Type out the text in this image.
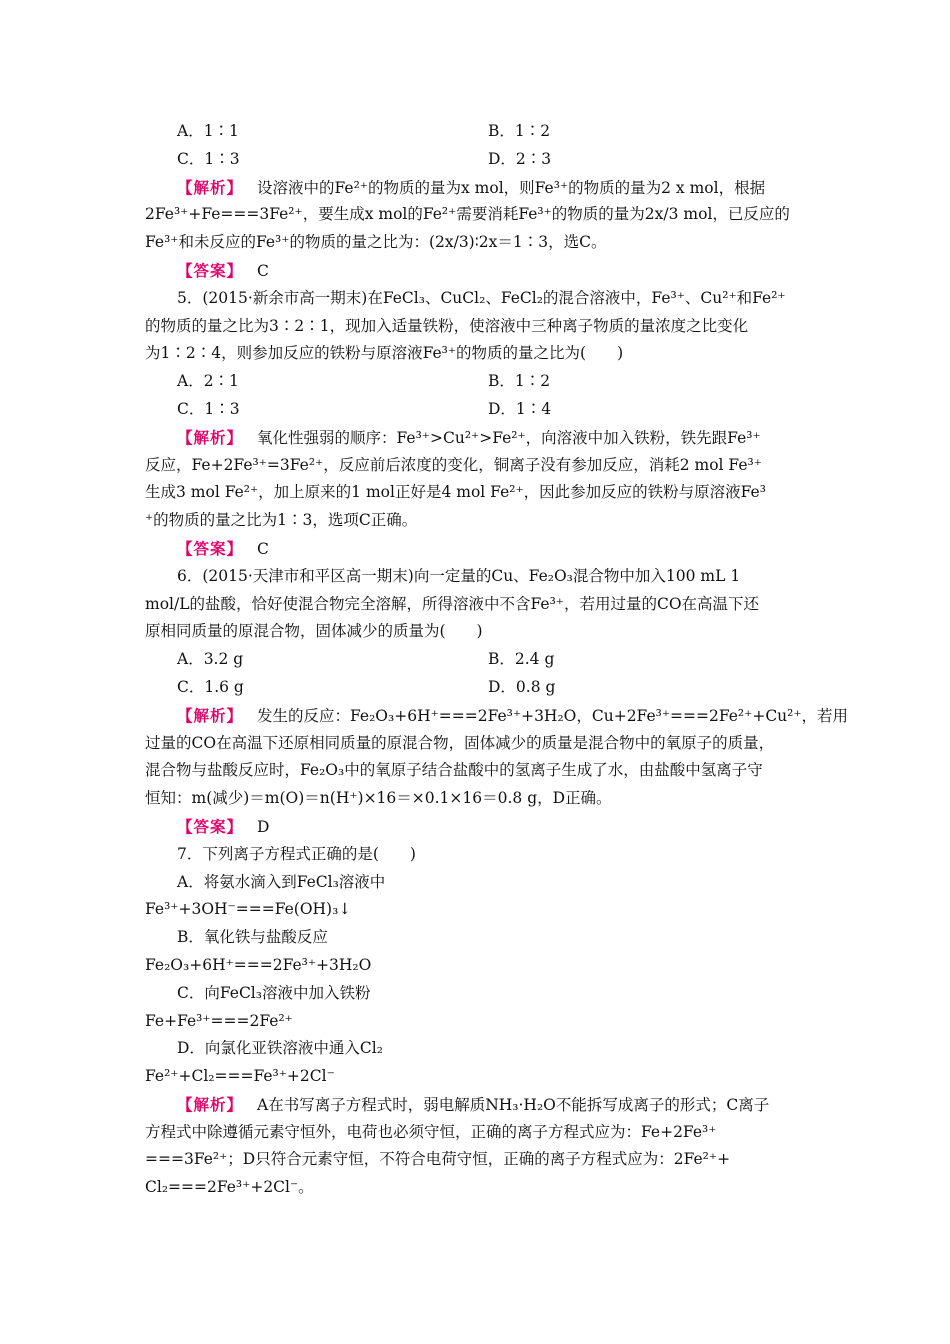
A．1∶1	B．1∶2
C．1∶3	D．2∶3
【解析】 设溶液中的Fe²⁺的物质的量为x mol，则Fe³⁺的物质的量为2 x mol，根据
2Fe³⁺+Fe===3Fe²⁺，要生成x mol的Fe²⁺需要消耗Fe³⁺的物质的量为2x/3 mol，已反应的
Fe³⁺和未反应的Fe³⁺的物质的量之比为：(2x/3)∶2x＝1∶3，选C。
【答案】 C
5．(2015·新余市高一期末)在FeCl₃、CuCl₂、FeCl₂的混合溶液中，Fe³⁺、Cu²⁺和Fe²⁺
的物质的量之比为3∶2∶1，现加入适量铁粉，使溶液中三种离子物质的量浓度之比变化
为1∶2∶4，则参加反应的铁粉与原溶液Fe³⁺的物质的量之比为(　　)
A．2∶1	B．1∶2
C．1∶3	D．1∶4
【解析】 氧化性强弱的顺序：Fe³⁺>Cu²⁺>Fe²⁺，向溶液中加入铁粉，铁先跟Fe³⁺
反应，Fe+2Fe³⁺=3Fe²⁺，反应前后浓度的变化，铜离子没有参加反应，消耗2 mol Fe³⁺
生成3 mol Fe²⁺，加上原来的1 mol正好是4 mol Fe²⁺，因此参加反应的铁粉与原溶液Fe³
⁺的物质的量之比为1∶3，选项C正确。
【答案】 C
6．(2015·天津市和平区高一期末)向一定量的Cu、Fe₂O₃混合物中加入100 mL 1
mol/L的盐酸，恰好使混合物完全溶解，所得溶液中不含Fe³⁺，若用过量的CO在高温下还
原相同质量的原混合物，固体减少的质量为(　　)
A．3.2 g	B．2.4 g
C．1.6 g	D．0.8 g
【解析】 发生的反应：Fe₂O₃+6H⁺===2Fe³⁺+3H₂O，Cu+2Fe³⁺===2Fe²⁺+Cu²⁺，若用
过量的CO在高温下还原相同质量的原混合物，固体减少的质量是混合物中的氧原子的质量，
混合物与盐酸反应时，Fe₂O₃中的氧原子结合盐酸中的氢离子生成了水，由盐酸中氢离子守
恒知：m(减少)＝m(O)＝n(H⁺)×16＝×0.1×16＝0.8 g，D正确。
【答案】 D
7．下列离子方程式正确的是(　　)
A．将氨水滴入到FeCl₃溶液中
Fe³⁺+3OH⁻===Fe(OH)₃↓
B．氧化铁与盐酸反应
Fe₂O₃+6H⁺===2Fe³⁺+3H₂O
C．向FeCl₃溶液中加入铁粉
Fe+Fe³⁺===2Fe²⁺
D．向氯化亚铁溶液中通入Cl₂
Fe²⁺+Cl₂===Fe³⁺+2Cl⁻
【解析】 A在书写离子方程式时，弱电解质NH₃·H₂O不能拆写成离子的形式；C离子
方程式中除遵循元素守恒外，电荷也必须守恒，正确的离子方程式应为：Fe+2Fe³⁺
===3Fe²⁺；D只符合元素守恒，不符合电荷守恒，正确的离子方程式应为：2Fe²⁺+
Cl₂===2Fe³⁺+2Cl⁻。
